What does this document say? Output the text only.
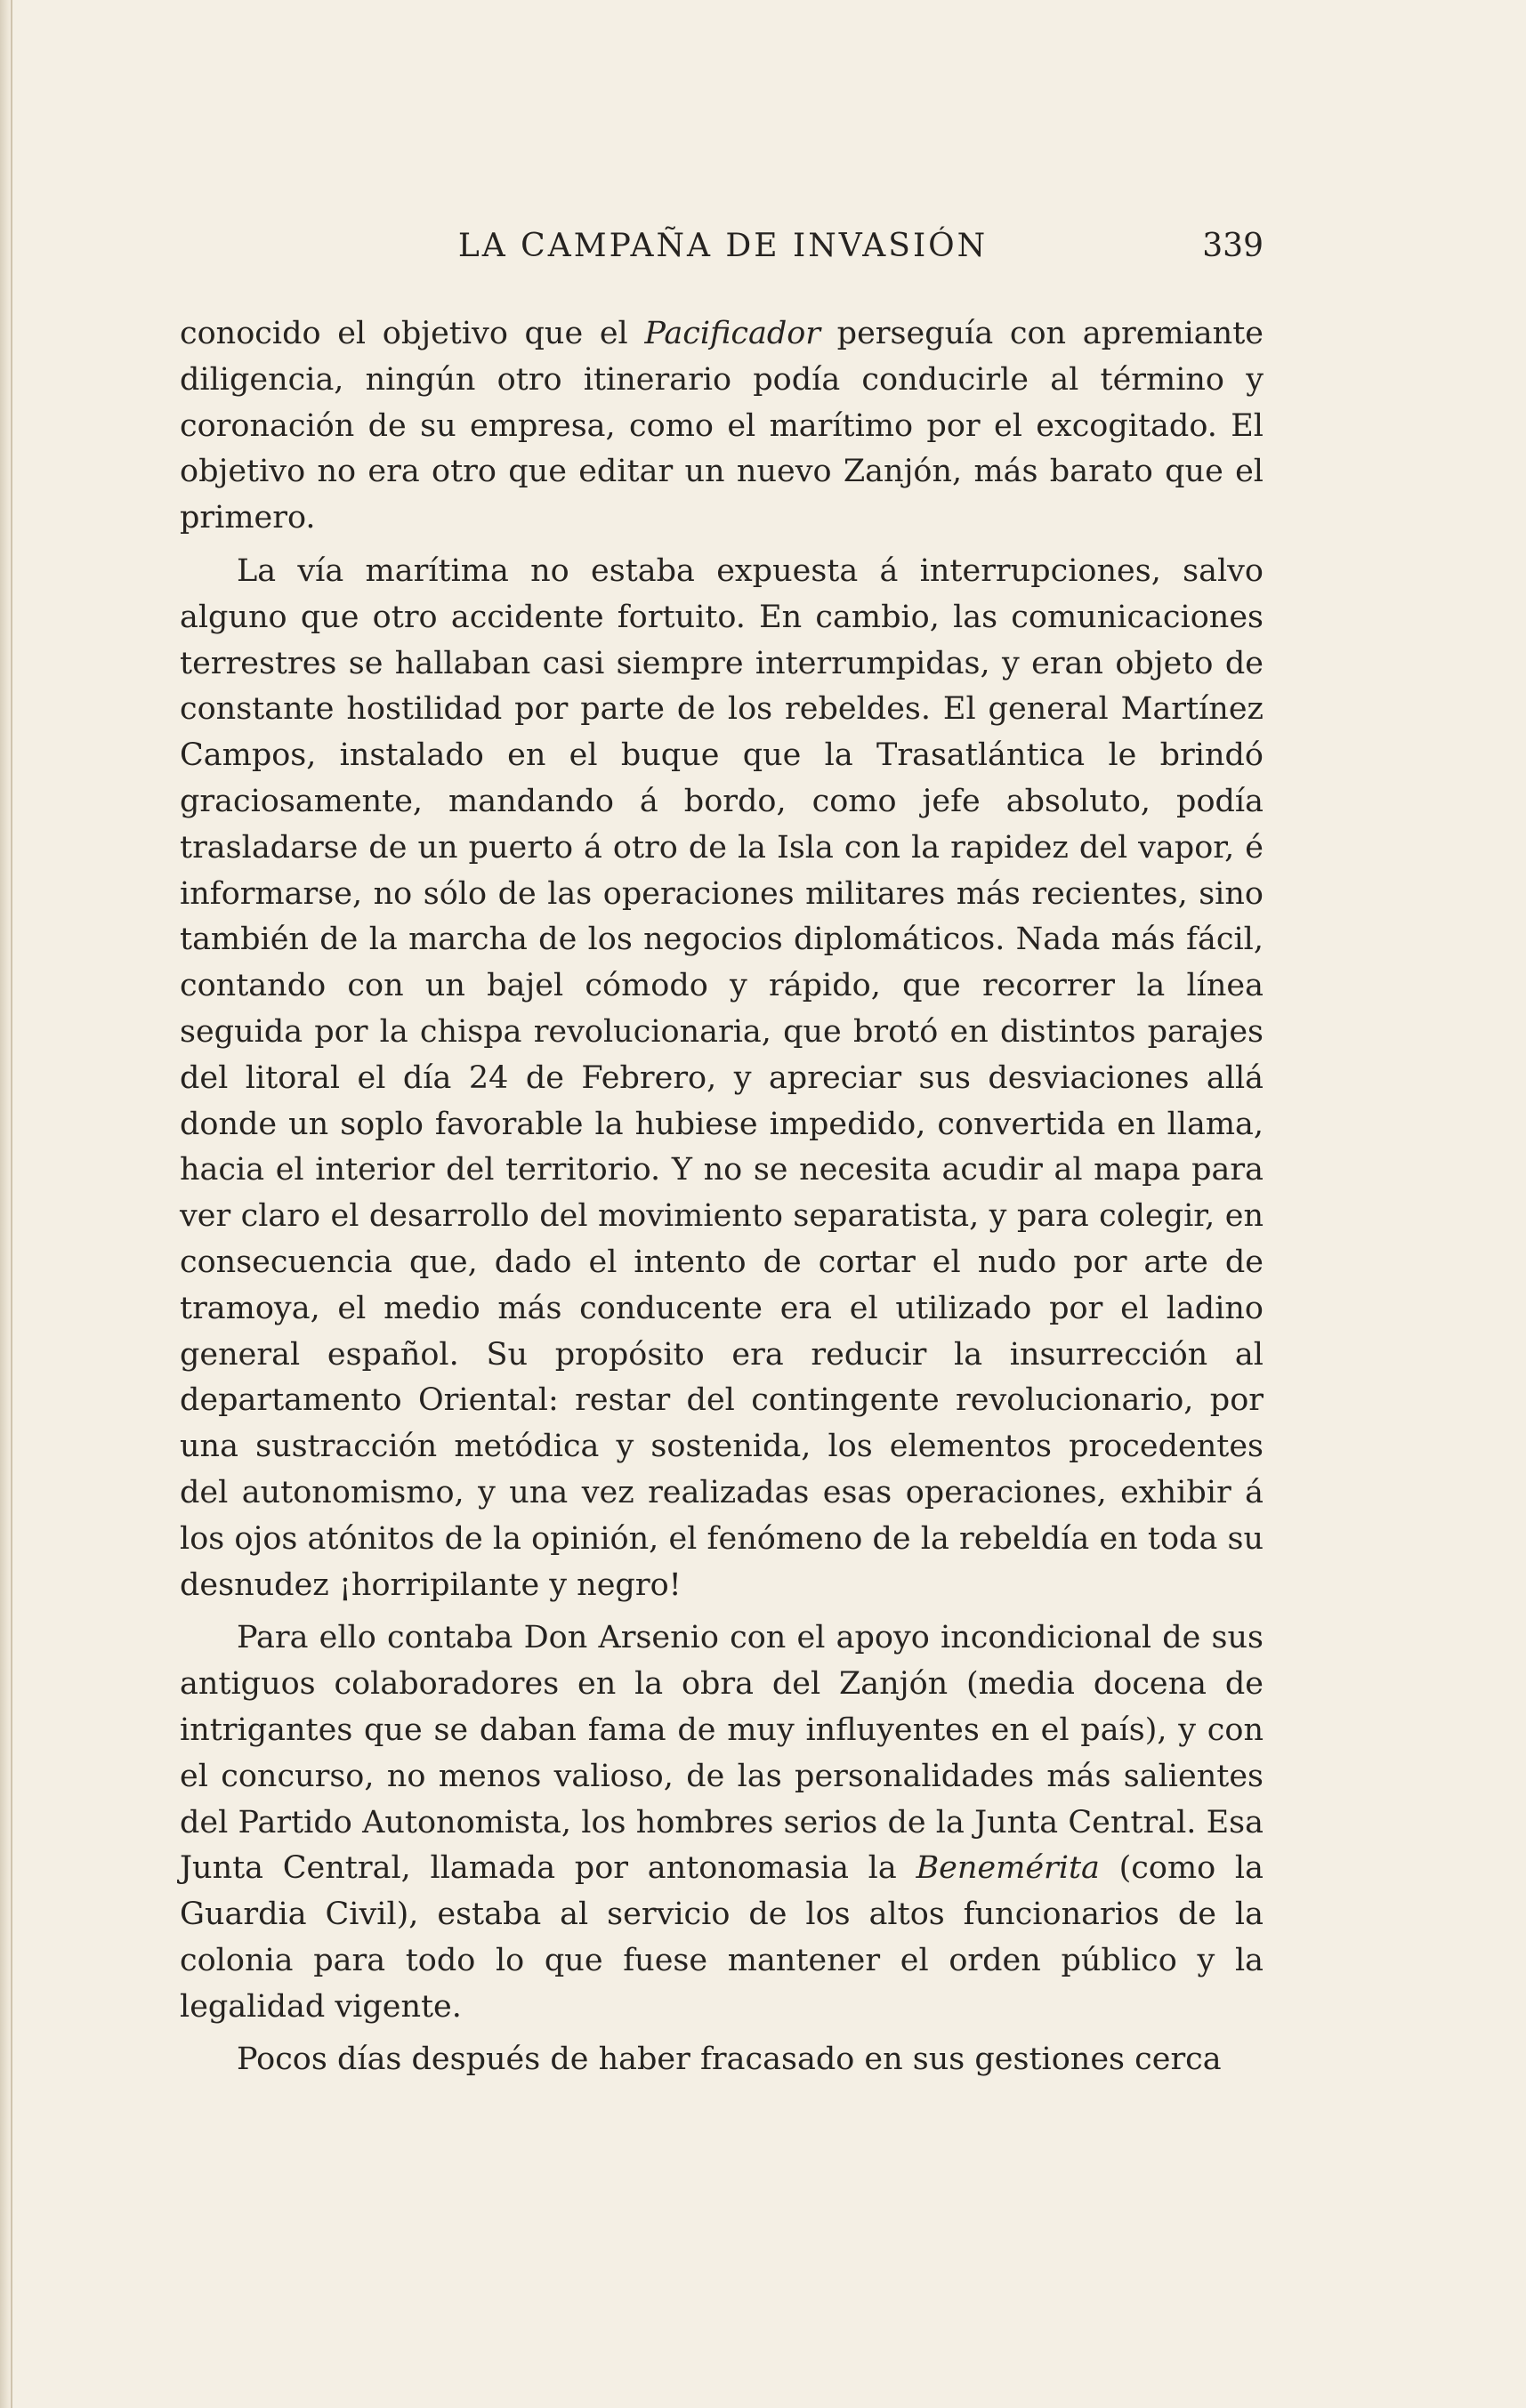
LA CAMPAÑA DE INVASIÓN	339

conocido el objetivo que el Pacificador perseguía con apremiante diligencia, ningún otro itinerario podía conducirle al término y coronación de su empresa, como el marítimo por el excogitado. El objetivo no era otro que editar un nuevo Zanjón, más barato que el primero.

La vía marítima no estaba expuesta á interrupciones, salvo alguno que otro accidente fortuito. En cambio, las comunicaciones terrestres se hallaban casi siempre interrumpidas, y eran objeto de constante hostilidad por parte de los rebeldes. El general Martínez Campos, instalado en el buque que la Trasatlántica le brindó graciosamente, mandando á bordo, como jefe absoluto, podía trasladarse de un puerto á otro de la Isla con la rapidez del vapor, é informarse, no sólo de las operaciones militares más recientes, sino también de la marcha de los negocios diplomáticos. Nada más fácil, contando con un bajel cómodo y rápido, que recorrer la línea seguida por la chispa revolucionaria, que brotó en distintos parajes del litoral el día 24 de Febrero, y apreciar sus desviaciones allá donde un soplo favorable la hubiese impedido, convertida en llama, hacia el interior del territorio. Y no se necesita acudir al mapa para ver claro el desarrollo del movimiento separatista, y para colegir, en consecuencia que, dado el intento de cortar el nudo por arte de tramoya, el medio más conducente era el utilizado por el ladino general español. Su propósito era reducir la insurrección al departamento Oriental: restar del contingente revolucionario, por una sustracción metódica y sostenida, los elementos procedentes del autonomismo, y una vez realizadas esas operaciones, exhibir á los ojos atónitos de la opinión, el fenómeno de la rebeldía en toda su desnudez ¡horripilante y negro!

Para ello contaba Don Arsenio con el apoyo incondicional de sus antiguos colaboradores en la obra del Zanjón (media docena de intrigantes que se daban fama de muy influyentes en el país), y con el concurso, no menos valioso, de las personalidades más salientes del Partido Autonomista, los hombres serios de la Junta Central. Esa Junta Central, llamada por antonomasia la Benemérita (como la Guardia Civil), estaba al servicio de los altos funcionarios de la colonia para todo lo que fuese mantener el orden público y la legalidad vigente.

Pocos días después de haber fracasado en sus gestiones cerca
